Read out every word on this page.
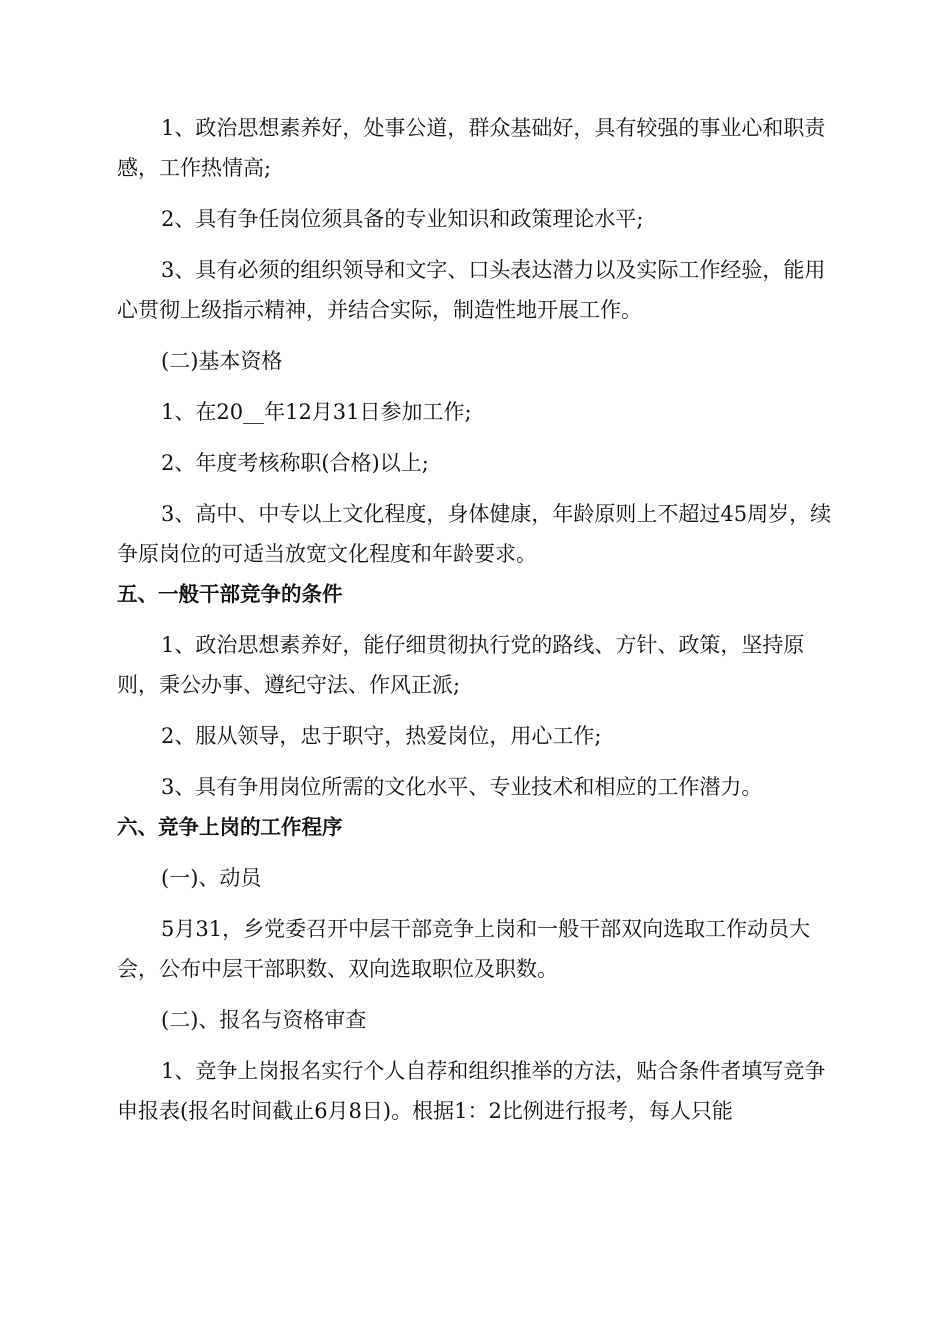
1、政治思想素养好，处事公道，群众基础好，具有较强的事业心和职责感，工作热情高;

2、具有争任岗位须具备的专业知识和政策理论水平;

3、具有必须的组织领导和文字、口头表达潜力以及实际工作经验，能用心贯彻上级指示精神，并结合实际，制造性地开展工作。

(二)基本资格

1、在20__年12月31日参加工作;

2、年度考核称职(合格)以上;

3、高中、中专以上文化程度，身体健康，年龄原则上不超过45周岁，续争原岗位的可适当放宽文化程度和年龄要求。

五、一般干部竞争的条件

1、政治思想素养好，能仔细贯彻执行党的路线、方针、政策，坚持原则，秉公办事、遵纪守法、作风正派;

2、服从领导，忠于职守，热爱岗位，用心工作;

3、具有争用岗位所需的文化水平、专业技术和相应的工作潜力。

六、竞争上岗的工作程序

(一)、动员

5月31，乡党委召开中层干部竞争上岗和一般干部双向选取工作动员大会，公布中层干部职数、双向选取职位及职数。

(二)、报名与资格审查

1、竞争上岗报名实行个人自荐和组织推举的方法，贴合条件者填写竞争申报表(报名时间截止6月8日)。根据1：2比例进行报考，每人只能
